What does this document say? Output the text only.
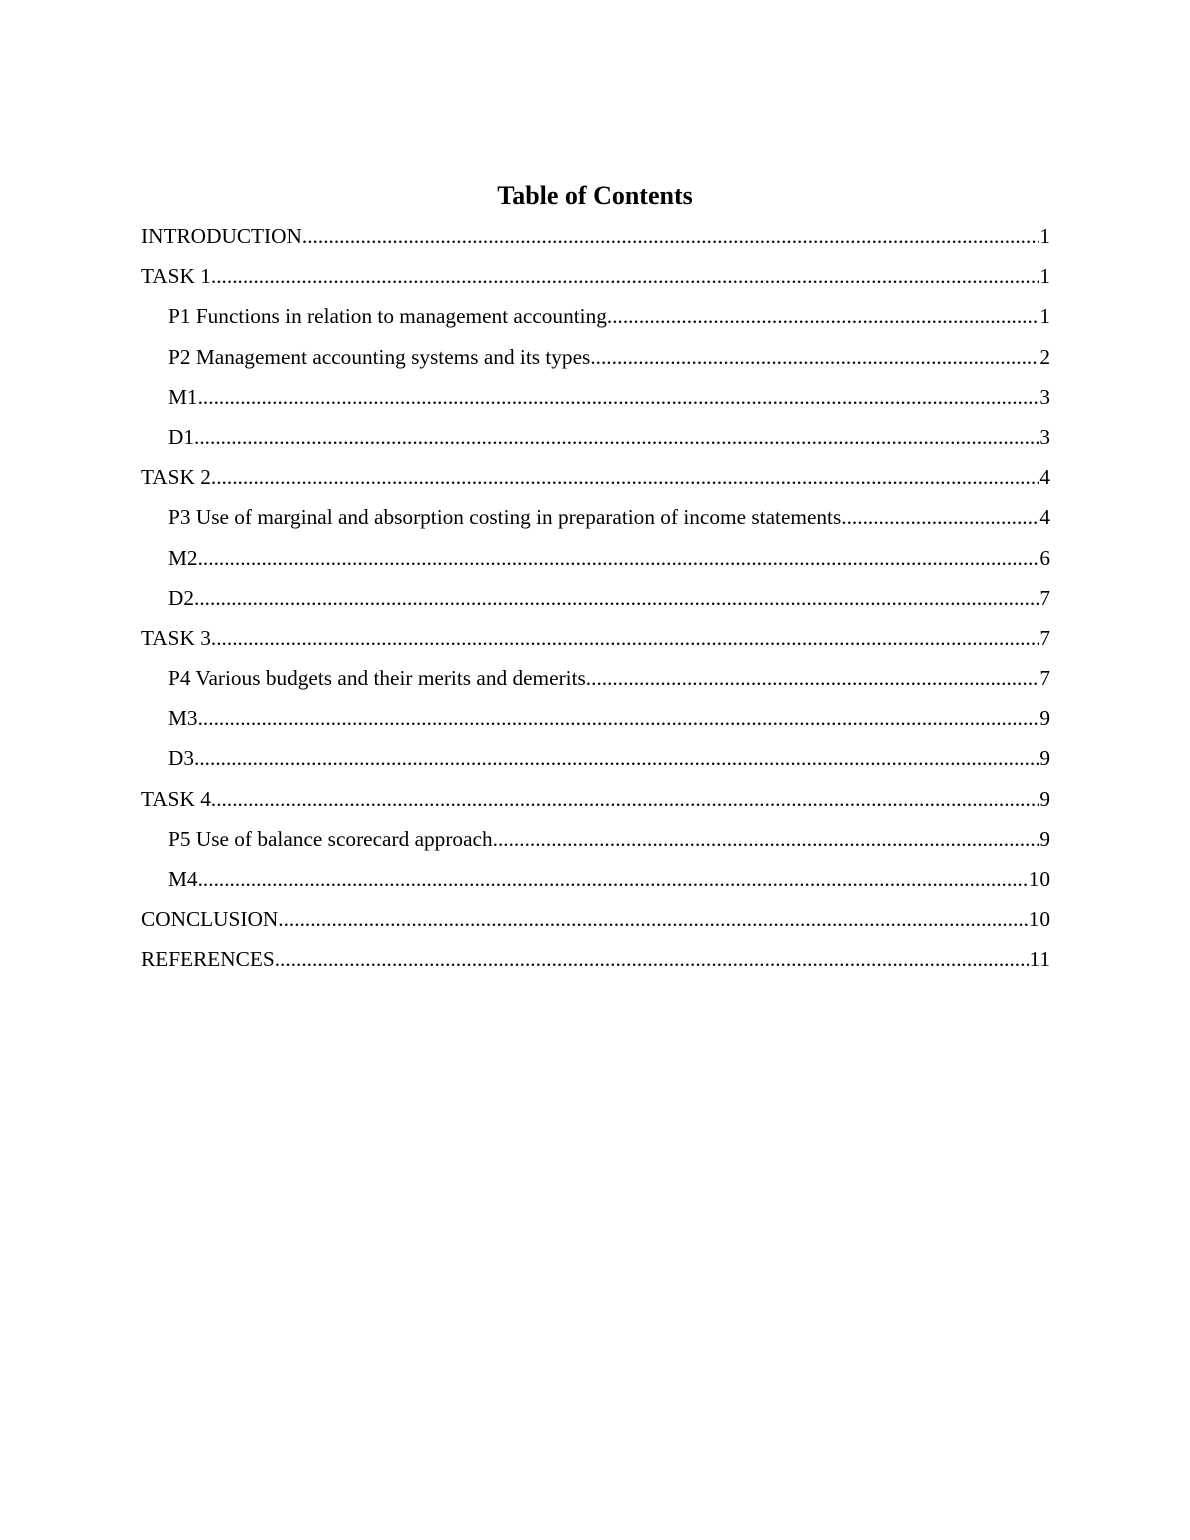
Table of Contents
INTRODUCTION .....	1
TASK 1 .....	1
P1 Functions in relation to management accounting .....	1
P2 Management accounting systems and its types .....	2
M1 .....	3
D1 .....	3
TASK 2 .....	4
P3 Use of marginal and absorption costing in preparation of income statements .....	4
M2 .....	6
D2 .....	7
TASK 3 .....	7
P4 Various budgets and their merits and demerits .....	7
M3 .....	9
D3 .....	9
TASK 4 .....	9
P5 Use of balance scorecard approach .....	9
M4 .....	10
CONCLUSION .....	10
REFERENCES .....	11
